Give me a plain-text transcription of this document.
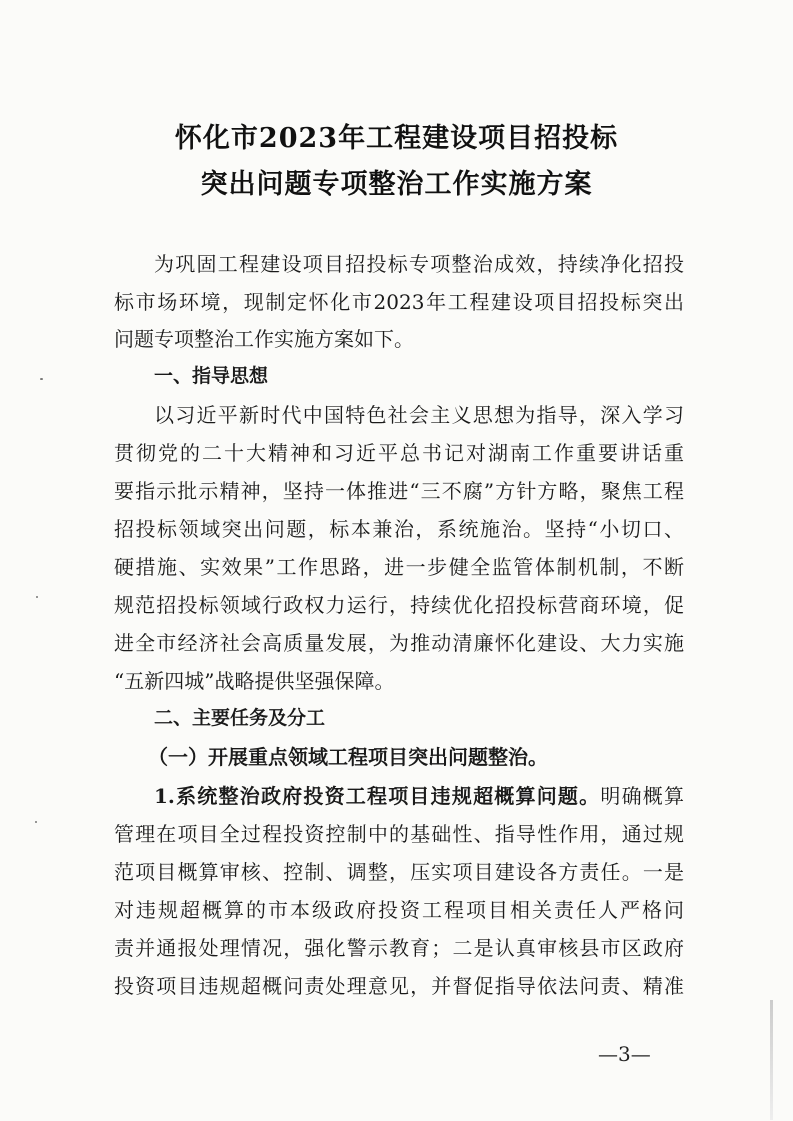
怀化市2023年工程建设项目招投标
突出问题专项整治工作实施方案
为巩固工程建设项目招投标专项整治成效，持续净化招投
标市场环境，现制定怀化市2023年工程建设项目招投标突出
问题专项整治工作实施方案如下。
一、指导思想
以习近平新时代中国特色社会主义思想为指导，深入学习
贯彻党的二十大精神和习近平总书记对湖南工作重要讲话重
要指示批示精神，坚持一体推进“三不腐”方针方略，聚焦工程
招投标领域突出问题，标本兼治，系统施治。坚持“小切口、
硬措施、实效果”工作思路，进一步健全监管体制机制，不断
规范招投标领域行政权力运行，持续优化招投标营商环境，促
进全市经济社会高质量发展，为推动清廉怀化建设、大力实施
“五新四城”战略提供坚强保障。
二、主要任务及分工
（一）开展重点领域工程项目突出问题整治。
1.系统整治政府投资工程项目违规超概算问题。明确概算
管理在项目全过程投资控制中的基础性、指导性作用，通过规
范项目概算审核、控制、调整，压实项目建设各方责任。一是
对违规超概算的市本级政府投资工程项目相关责任人严格问
责并通报处理情况，强化警示教育；二是认真审核县市区政府
投资项目违规超概问责处理意见，并督促指导依法问责、精准
—3—
